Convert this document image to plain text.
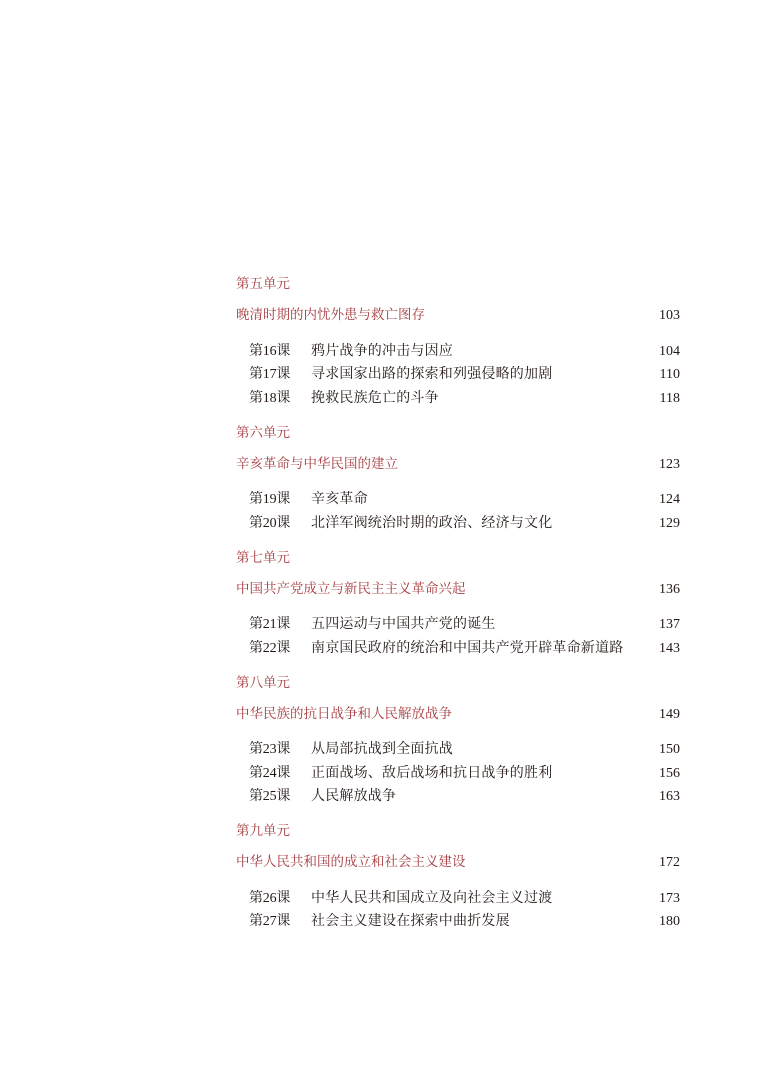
第五单元
晚清时期的内忧外患与救亡图存	103
第16课	鸦片战争的冲击与因应	104
第17课	寻求国家出路的探索和列强侵略的加剧	110
第18课	挽救民族危亡的斗争	118
第六单元
辛亥革命与中华民国的建立	123
第19课	辛亥革命	124
第20课	北洋军阀统治时期的政治、经济与文化	129
第七单元
中国共产党成立与新民主主义革命兴起	136
第21课	五四运动与中国共产党的诞生	137
第22课	南京国民政府的统治和中国共产党开辟革命新道路	143
第八单元
中华民族的抗日战争和人民解放战争	149
第23课	从局部抗战到全面抗战	150
第24课	正面战场、敌后战场和抗日战争的胜利	156
第25课	人民解放战争	163
第九单元
中华人民共和国的成立和社会主义建设	172
第26课	中华人民共和国成立及向社会主义过渡	173
第27课	社会主义建设在探索中曲折发展	180
